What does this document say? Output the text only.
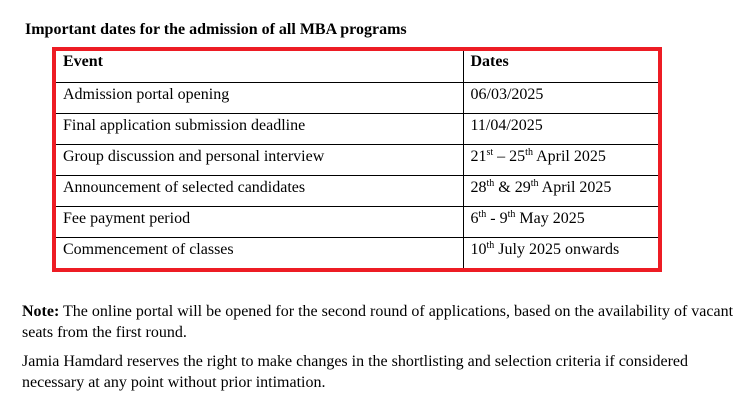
Important dates for the admission of all MBA programs
Event	Dates
Admission portal opening	06/03/2025
Final application submission deadline	11/04/2025
Group discussion and personal interview	21st – 25th April 2025
Announcement of selected candidates	28th & 29th April 2025
Fee payment period	6th - 9th May 2025
Commencement of classes	10th July 2025 onwards
Note: The online portal will be opened for the second round of applications, based on the availability of vacant seats from the first round.
Jamia Hamdard reserves the right to make changes in the shortlisting and selection criteria if considered necessary at any point without prior intimation.
